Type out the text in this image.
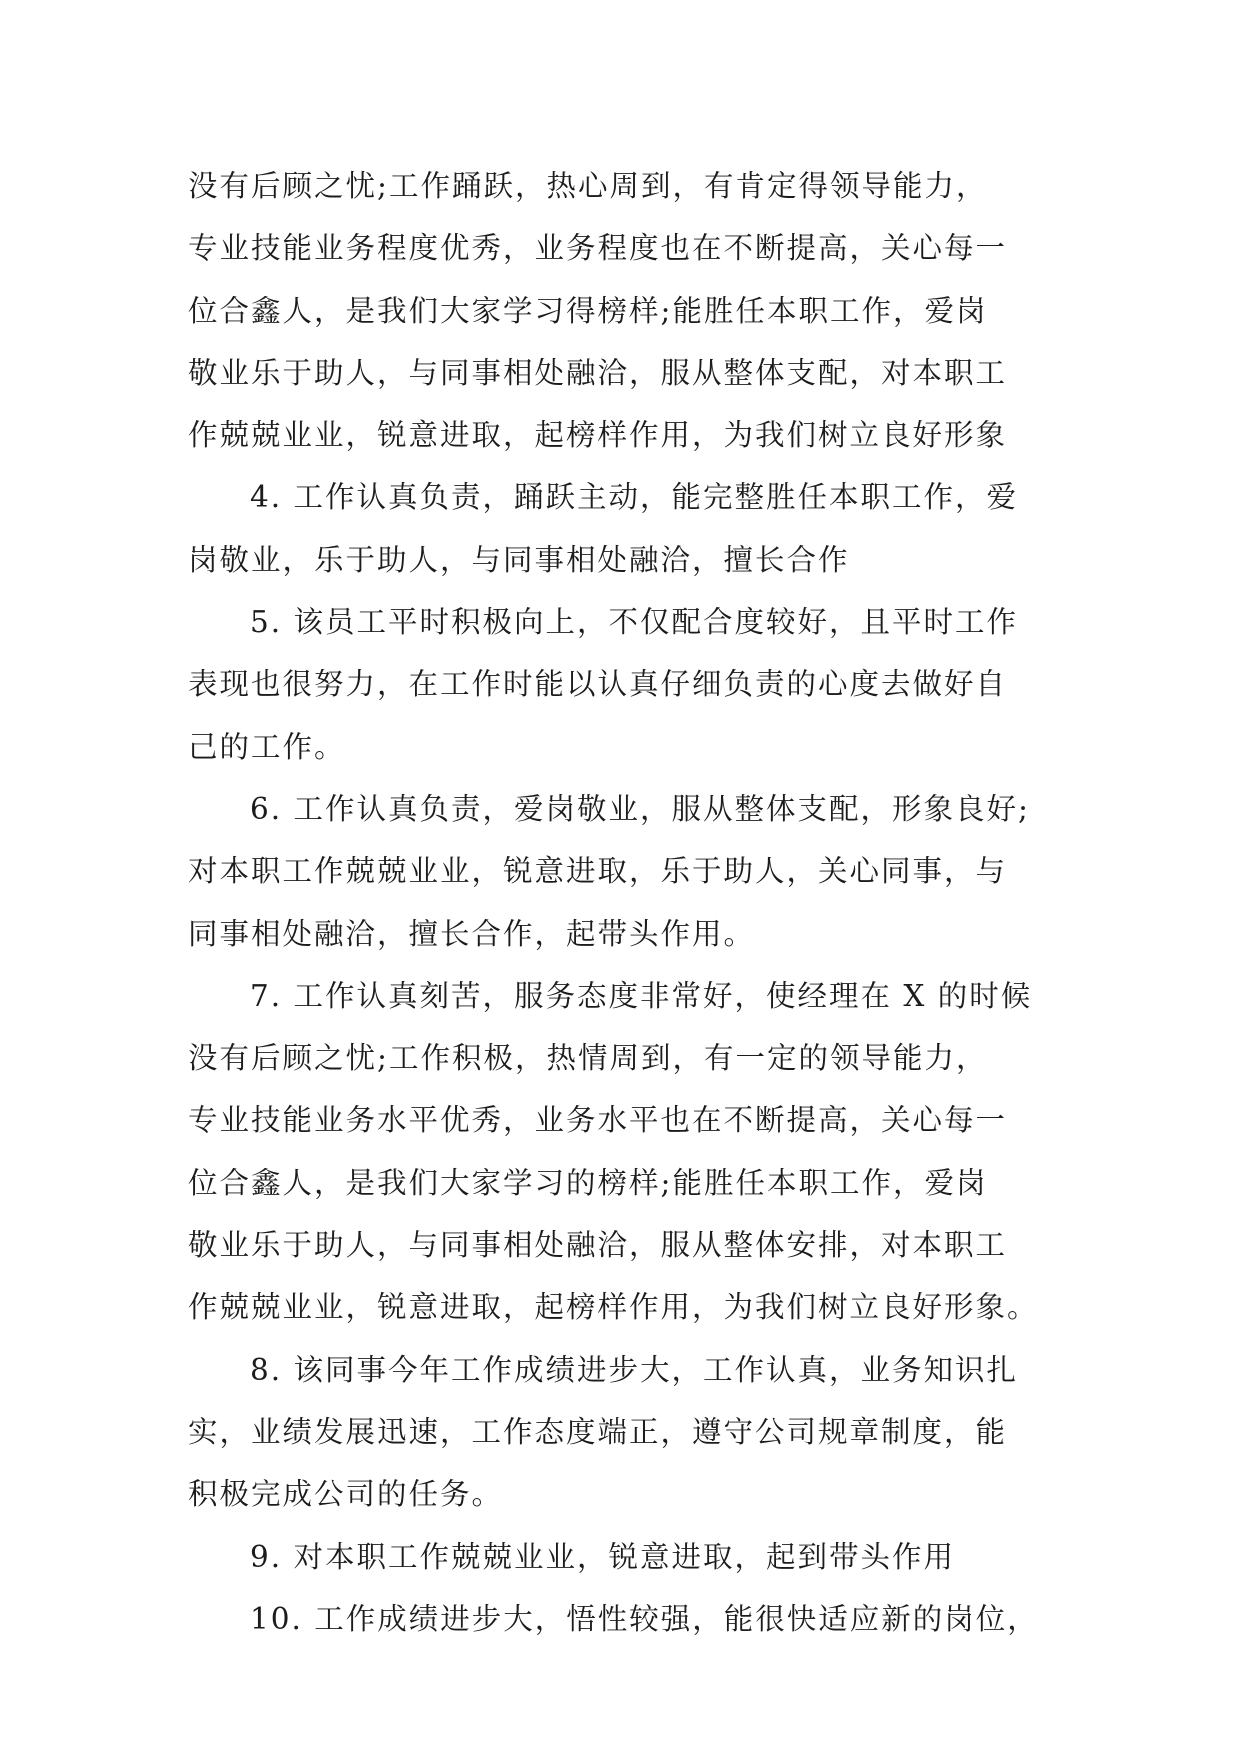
没有后顾之忧;工作踊跃，热心周到，有肯定得领导能力，
专业技能业务程度优秀，业务程度也在不断提高，关心每一
位合鑫人，是我们大家学习得榜样;能胜任本职工作，爱岗
敬业乐于助人，与同事相处融洽，服从整体支配，对本职工
作兢兢业业，锐意进取，起榜样作用，为我们树立良好形象
4. 工作认真负责，踊跃主动，能完整胜任本职工作，爱
岗敬业，乐于助人，与同事相处融洽，擅长合作
5. 该员工平时积极向上，不仅配合度较好，且平时工作
表现也很努力，在工作时能以认真仔细负责的心度去做好自
己的工作。
6. 工作认真负责，爱岗敬业，服从整体支配，形象良好;
对本职工作兢兢业业，锐意进取，乐于助人，关心同事，与
同事相处融洽，擅长合作，起带头作用。
7. 工作认真刻苦，服务态度非常好，使经理在 X 的时候
没有后顾之忧;工作积极，热情周到，有一定的领导能力，
专业技能业务水平优秀，业务水平也在不断提高，关心每一
位合鑫人，是我们大家学习的榜样;能胜任本职工作，爱岗
敬业乐于助人，与同事相处融洽，服从整体安排，对本职工
作兢兢业业，锐意进取，起榜样作用，为我们树立良好形象。
8. 该同事今年工作成绩进步大，工作认真，业务知识扎
实，业绩发展迅速，工作态度端正，遵守公司规章制度，能
积极完成公司的任务。
9. 对本职工作兢兢业业，锐意进取，起到带头作用
10. 工作成绩进步大，悟性较强，能很快适应新的岗位，
